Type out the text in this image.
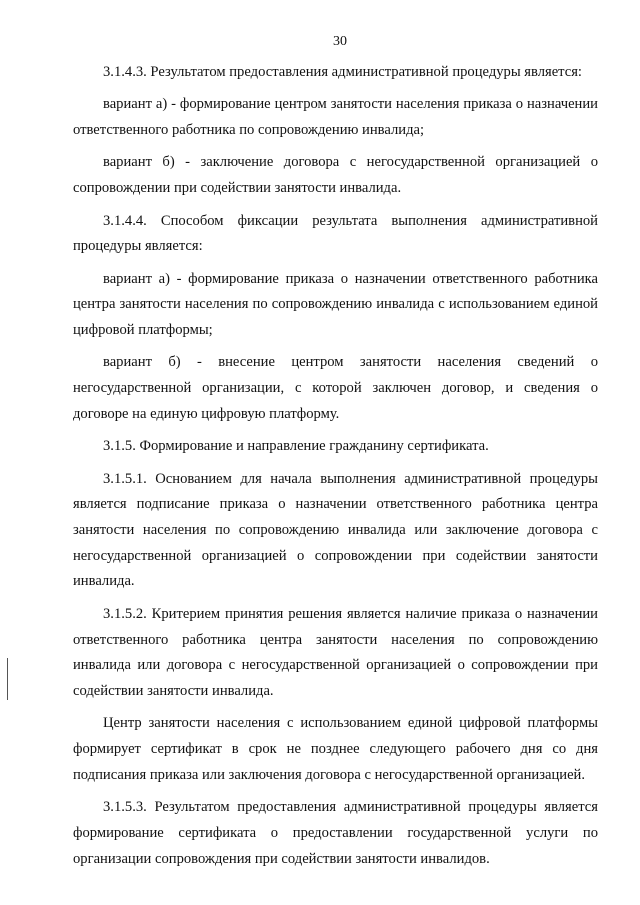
30

3.1.4.3. Результатом предоставления административной процедуры является:

вариант а) - формирование центром занятости населения приказа о назначении ответственного работника по сопровождению инвалида;

вариант б) - заключение договора с негосударственной организацией о сопровождении при содействии занятости инвалида.

3.1.4.4. Способом фиксации результата выполнения административной процедуры является:

вариант а) - формирование приказа о назначении ответственного работника центра занятости населения по сопровождению инвалида с использованием единой цифровой платформы;

вариант б) - внесение центром занятости населения сведений о негосударственной организации, с которой заключен договор, и сведения о договоре на единую цифровую платформу.

3.1.5. Формирование и направление гражданину сертификата.

3.1.5.1. Основанием для начала выполнения административной процедуры является подписание приказа о назначении ответственного работника центра занятости населения по сопровождению инвалида или заключение договора с негосударственной организацией о сопровождении при содействии занятости инвалида.

3.1.5.2. Критерием принятия решения является наличие приказа о назначении ответственного работника центра занятости населения по сопровождению инвалида или договора с негосударственной организацией о сопровождении при содействии занятости инвалида.

Центр занятости населения с использованием единой цифровой платформы формирует сертификат в срок не позднее следующего рабочего дня со дня подписания приказа или заключения договора с негосударственной организацией.

3.1.5.3. Результатом предоставления административной процедуры является формирование сертификата о предоставлении государственной услуги по организации сопровождения при содействии занятости инвалидов.
